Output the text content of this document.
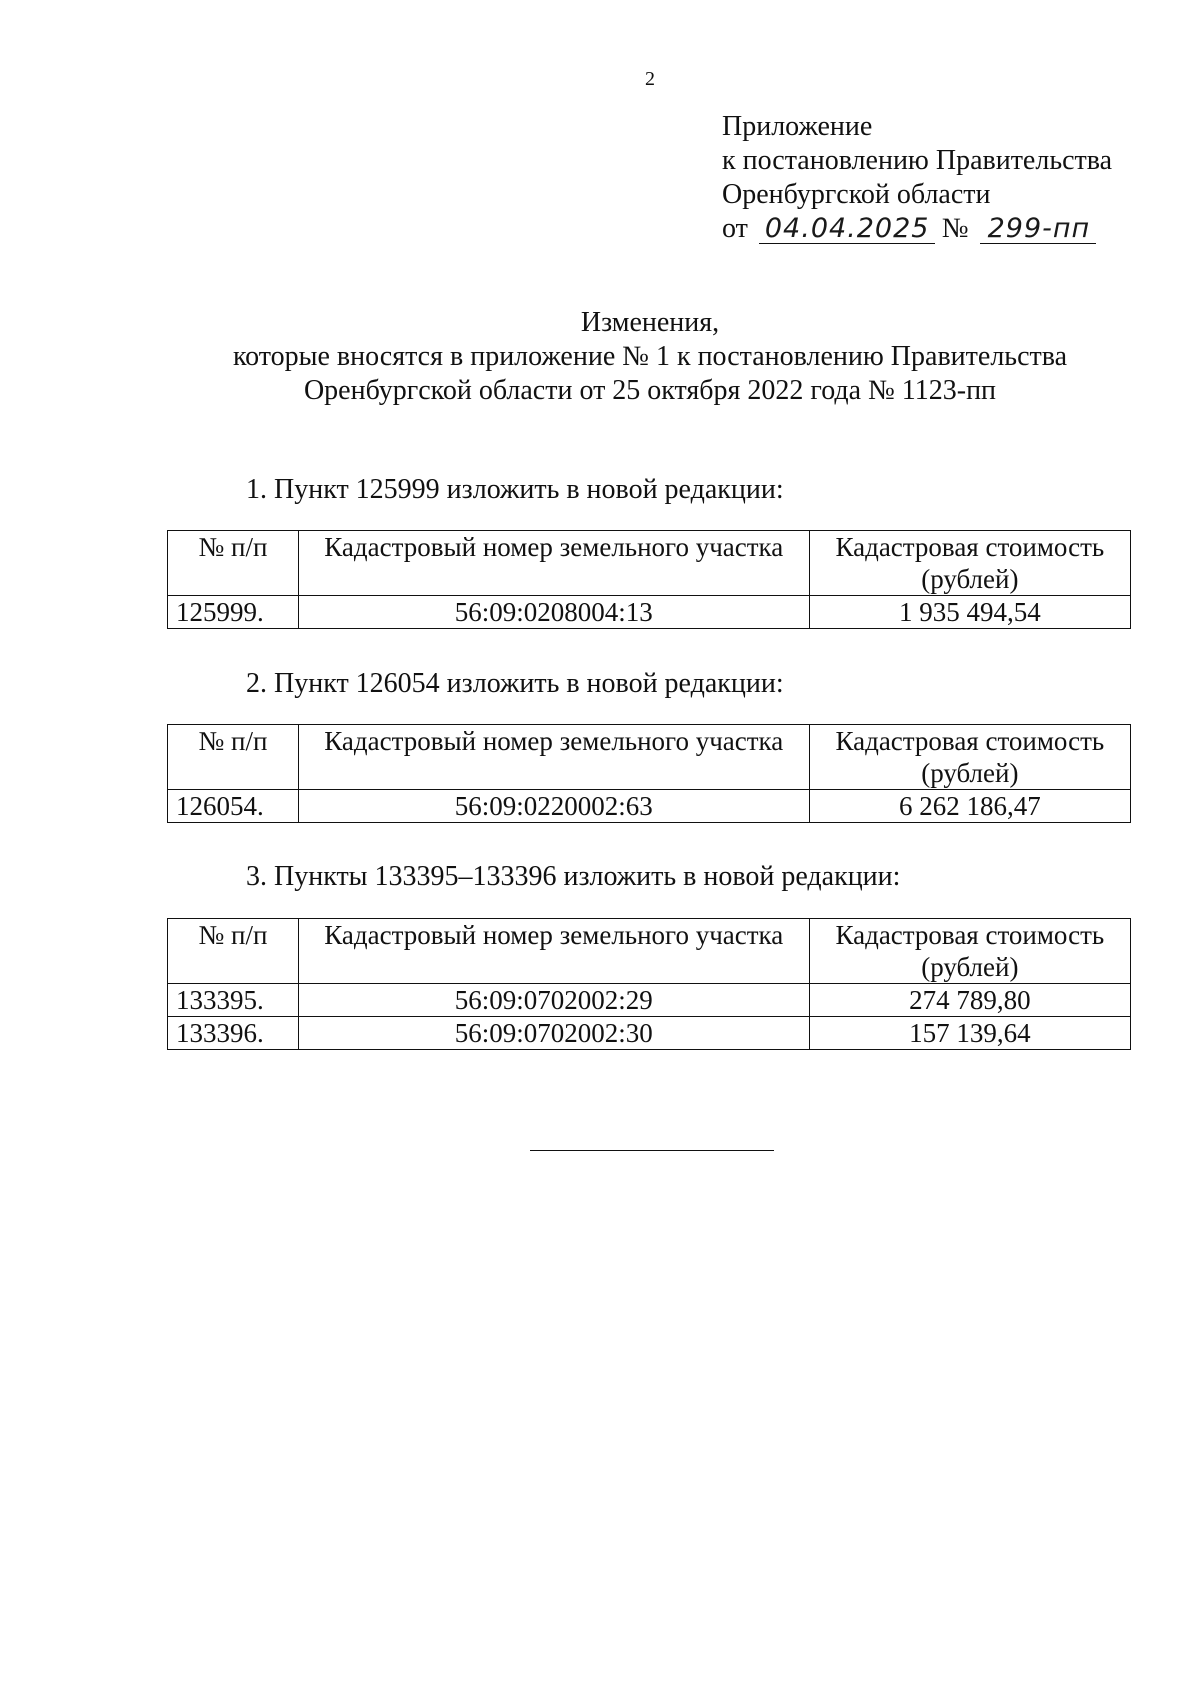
2
Приложение
к постановлению Правительства
Оренбургской области
от 04.04.2025 № 299-пп
Изменения,
которые вносятся в приложение № 1 к постановлению Правительства
Оренбургской области от 25 октября 2022 года № 1123-пп
1. Пункт 125999 изложить в новой редакции:
№ п/п	Кадастровый номер земельного участка	Кадастровая стоимость
(рублей)

125999.	56:09:0208004:13	1 935 494,54
2. Пункт 126054 изложить в новой редакции:
№ п/п	Кадастровый номер земельного участка	Кадастровая стоимость
(рублей)

126054.	56:09:0220002:63	6 262 186,47
3. Пункты 133395–133396 изложить в новой редакции:
№ п/п	Кадастровый номер земельного участка	Кадастровая стоимость
(рублей)

133395.	56:09:0702002:29	274 789,80
133396.	56:09:0702002:30	157 139,64
